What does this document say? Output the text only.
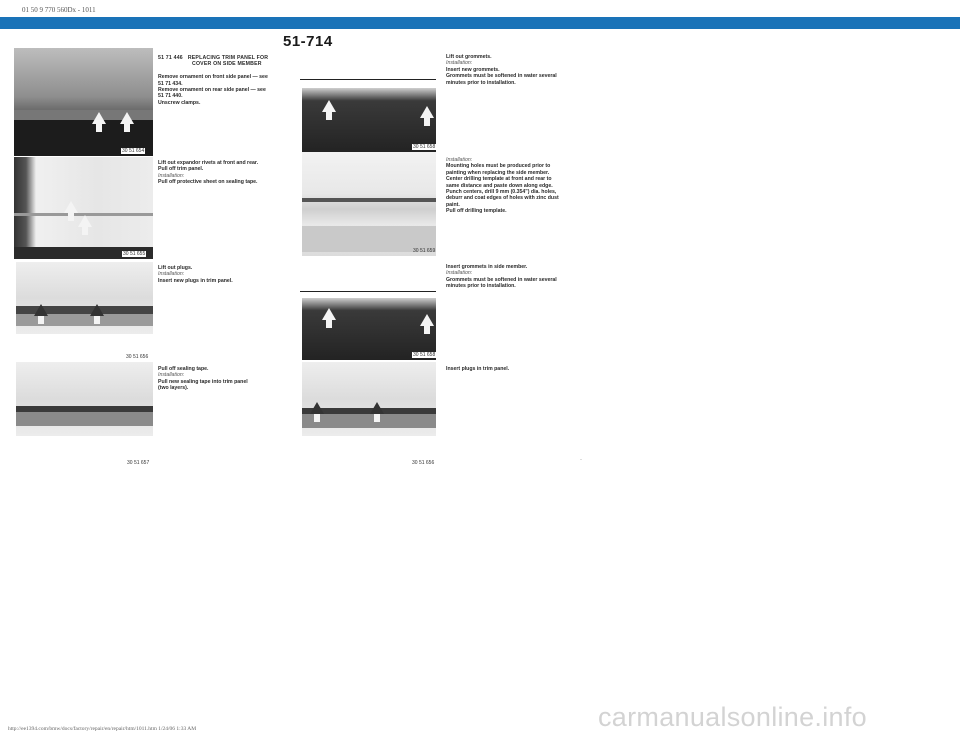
01 50 9 770 560Dx - 1011
51-714
30 51 654
30 51 655
30 51 656
30 51 657
30 51 658
30 51 659
30 51 658
30 51 656
51 71 446 REPLACING TRIM PANEL FOR
COVER ON SIDE MEMBER

Remove ornament on front side panel — see
51 71 434.
Remove ornament on rear side panel — see
51 71 440.
Unscrew clamps.
Lift out expandor rivets at front and rear.
Pull off trim panel.
Installation:
Pull off protective sheet on sealing tape.
Lift out plugs.
Installation:
Insert new plugs in trim panel.
Pull off sealing tape.
Installation:
Pull new sealing tape into trim panel
(two layers).
Lift out grommets.
Installation:
Insert new grommets.
Grommets must be softened in water several
minutes prior to installation.
Installation:
Mounting holes must be produced prior to
painting when replacing the side member.
Center drilling template at front and rear to
same distance and paste down along edge.
Punch centers, drill 9 mm (0.354") dia. holes,
deburr and coat edges of holes with zinc dust
paint.
Pull off drilling template.
Insert grommets in side member.
Installation:
Grommets must be softened in water several
minutes prior to installation.
Insert plugs in trim panel.
-
http://ee1394.com/bmw/docs/factory/repair/en/repair/htm/1011.htm 1/24/06 1:33 AM	carmanualsonline.info
